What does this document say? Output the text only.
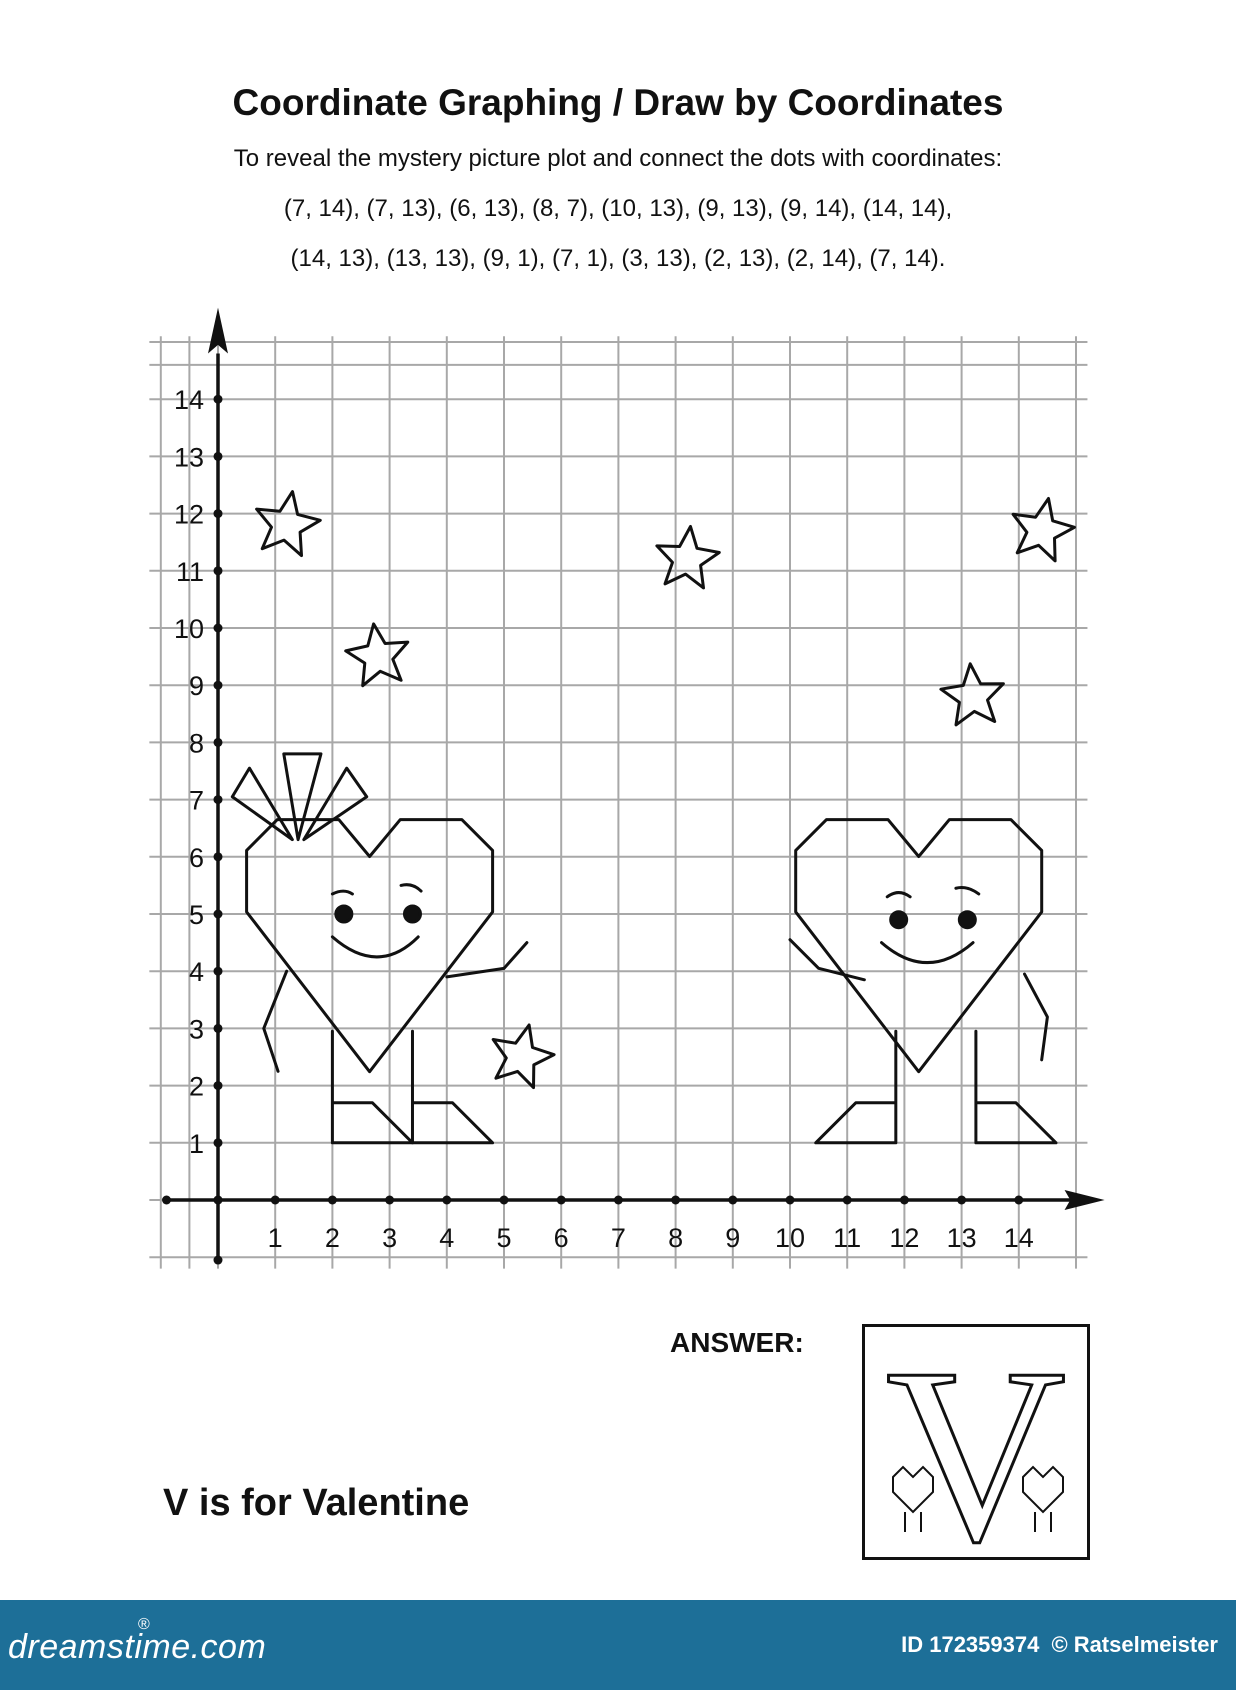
Coordinate Graphing / Draw by Coordinates
To reveal the mystery picture plot and connect the dots with coordinates:
(7, 14), (7, 13), (6, 13), (8, 7), (10, 13), (9, 13), (9, 14), (14, 14),
(14, 13), (13, 13), (9, 1), (7, 1), (3, 13), (2, 13), (2, 14), (7, 14).
1 2 3 4 5 6 7 8 9 10 11 12 13 14
1
2
3
4
5
6
7
8
9
10
11
12
13
14
ANSWER: V
V is for Valentine
dreamstime.com
®
ID 172359374 © Ratselmeister
